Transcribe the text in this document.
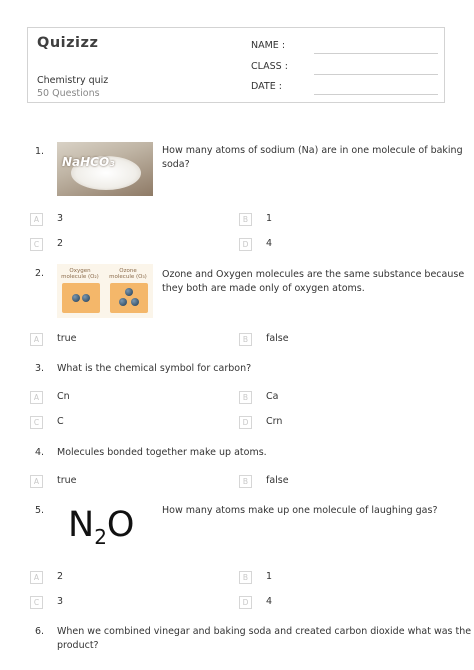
Quizizz
Chemistry quiz
50 Questions
NAME :
CLASS :
DATE :
1.
NaHCO₃
How many atoms of sodium (Na) are in one molecule of baking
soda?
A	3	B	1
C	2	D	4
2.	Oxygen molecule (O₂)
Ozone molecule (O₃) Ozone and Oxygen molecules are the same substance because
they both are made only of oxygen atoms.
A	true	B	false
3. What is the chemical symbol for carbon?
A	Cn	B	Ca
C	C	D	Crn
4. Molecules bonded together make up atoms.
A	true	B	false
5. $N_2O$	How many atoms make up one molecule of laughing gas?
A	2	B	1
C	3	D	4
6. When we combined vinegar and baking soda and created carbon dioxide what was the
product?
